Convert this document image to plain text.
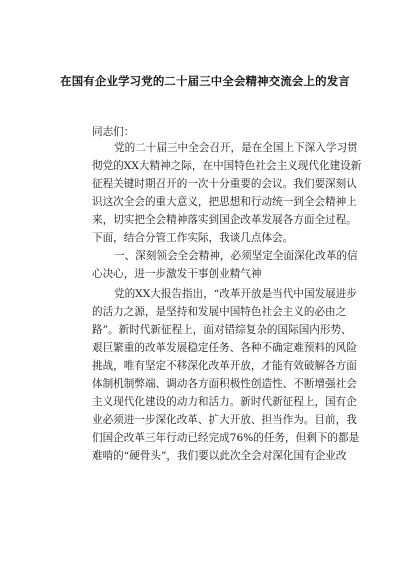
在国有企业学习党的二十届三中全会精神交流会上的发言
同志们：
党的二十届三中全会召开，是在全国上下深入学习贯
彻党的XX大精神之际，在中国特色社会主义现代化建设新
征程关键时期召开的一次十分重要的会议。我们要深刻认
识这次全会的重大意义，把思想和行动统一到全会精神上
来，切实把全会精神落实到国企改革发展各方面全过程。
下面，结合分管工作实际，我谈几点体会。
一、深刻领会全会精神，必须坚定全面深化改革的信
心决心，进一步激发干事创业精气神
党的XX大报告指出，“改革开放是当代中国发展进步
的活力之源，是坚持和发展中国特色社会主义的必由之
路”。新时代新征程上，面对错综复杂的国际国内形势、
艰巨繁重的改革发展稳定任务、各种不确定难预料的风险
挑战，唯有坚定不移深化改革开放，才能有效破解各方面
体制机制弊端、调动各方面积极性创造性、不断增强社会
主义现代化建设的动力和活力。新时代新征程上，国有企
业必须进一步深化改革、扩大开放、担当作为。目前，我
们国企改革三年行动已经完成76%的任务，但剩下的都是
难啃的“硬骨头”，我们要以此次全会对深化国有企业改
